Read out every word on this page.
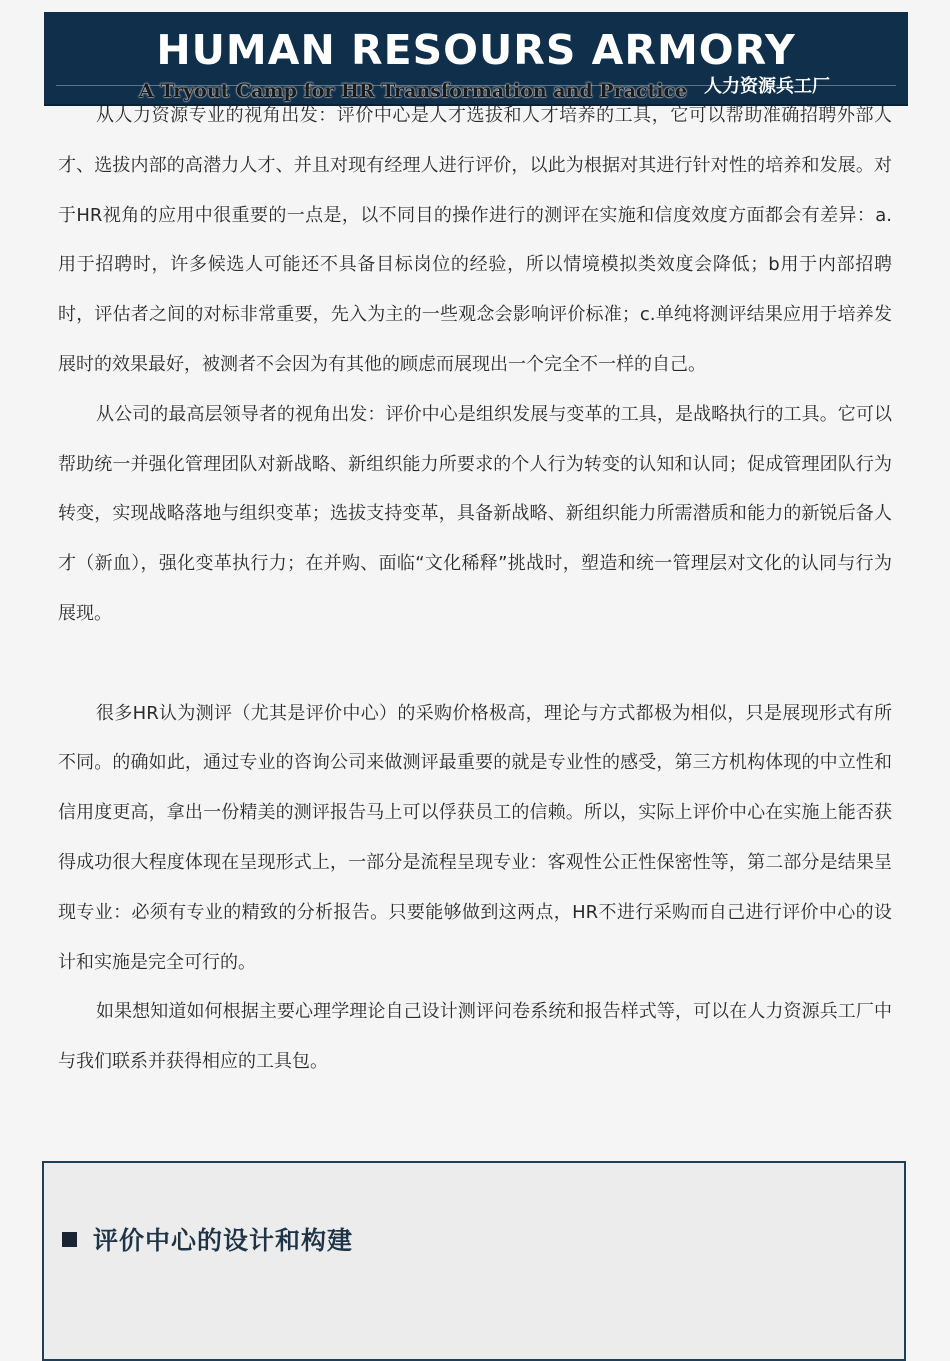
HUMAN RESOURS ARMORY
A Tryout Camp for HR Transformation and Practice 人力资源兵工厂

从人力资源专业的视角出发：评价中心是人才选拔和人才培养的工具，它可以帮助准确招聘外部人才、选拔内部的高潜力人才、并且对现有经理人进行评价，以此为根据对其进行针对性的培养和发展。对于HR视角的应用中很重要的一点是，以不同目的操作进行的测评在实施和信度效度方面都会有差异：a.用于招聘时，许多候选人可能还不具备目标岗位的经验，所以情境模拟类效度会降低；b用于内部招聘时，评估者之间的对标非常重要，先入为主的一些观念会影响评价标准；c.单纯将测评结果应用于培养发展时的效果最好，被测者不会因为有其他的顾虑而展现出一个完全不一样的自己。

从公司的最高层领导者的视角出发：评价中心是组织发展与变革的工具，是战略执行的工具。它可以帮助统一并强化管理团队对新战略、新组织能力所要求的个人行为转变的认知和认同；促成管理团队行为转变，实现战略落地与组织变革；选拔支持变革，具备新战略、新组织能力所需潜质和能力的新锐后备人才（新血），强化变革执行力；在并购、面临“文化稀释”挑战时，塑造和统一管理层对文化的认同与行为展现。

很多HR认为测评（尤其是评价中心）的采购价格极高，理论与方式都极为相似，只是展现形式有所不同。的确如此，通过专业的咨询公司来做测评最重要的就是专业性的感受，第三方机构体现的中立性和信用度更高，拿出一份精美的测评报告马上可以俘获员工的信赖。所以，实际上评价中心在实施上能否获得成功很大程度体现在呈现形式上，一部分是流程呈现专业：客观性公正性保密性等，第二部分是结果呈现专业：必须有专业的精致的分析报告。只要能够做到这两点，HR不进行采购而自己进行评价中心的设计和实施是完全可行的。

如果想知道如何根据主要心理学理论自己设计测评问卷系统和报告样式等，可以在人力资源兵工厂中与我们联系并获得相应的工具包。

评价中心的设计和构建
